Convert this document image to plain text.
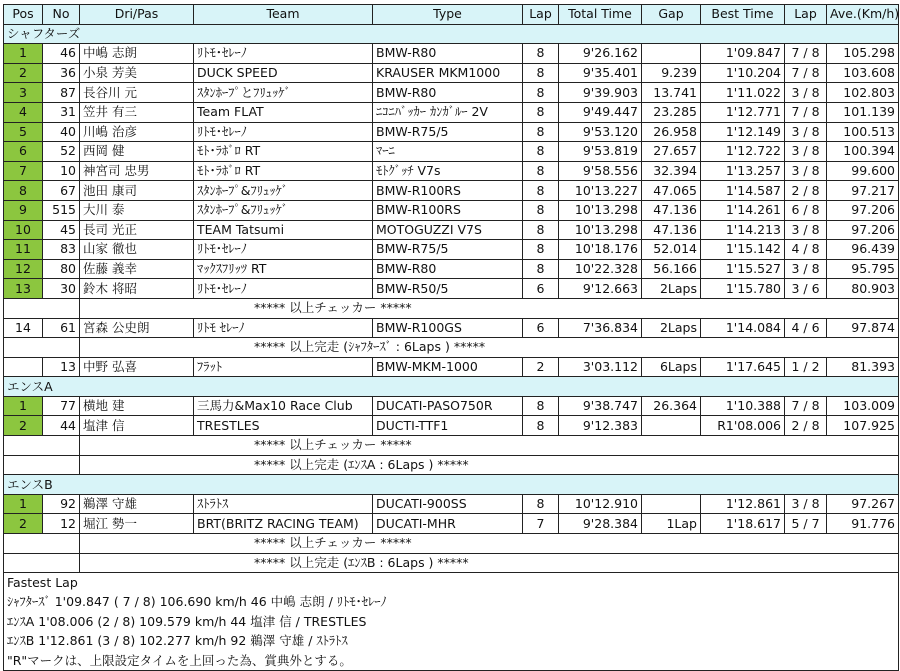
Pos	No	Dri/Pas	Team	Type	Lap	Total Time	Gap	Best Time	Lap	Ave.(Km/h)
シャフターズ										
1	46	中嶋 志朗	ﾘﾄﾓ･ｾﾚｰﾉ	BMW-R80	8	9'26.162		1'09.847	7 / 8	105.298
2	36	小泉 芳美	DUCK SPEED	KRAUSER MKM1000	8	9'35.401	9.239	1'10.204	7 / 8	103.608
3	87	長谷川 元	ｽﾀﾝﾎｰﾌﾟとﾌﾘｭｯｹﾞ	BMW-R80	8	9'39.903	13.741	1'11.022	3 / 8	102.803
4	31	笠井 有三	Team FLAT	ﾆｺﾆﾊﾞｯｶｰ ｶﾝｶﾞﾙｰ 2V	8	9'49.447	23.285	1'12.771	7 / 8	101.139
5	40	川嶋 治彦	ﾘﾄﾓ･ｾﾚｰﾉ	BMW-R75/5	8	9'53.120	26.958	1'12.149	3 / 8	100.513
6	52	西岡 健	ﾓﾄ･ﾗﾎﾞﾛ RT	ﾏｰﾆ	8	9'53.819	27.657	1'12.722	3 / 8	100.394
7	10	神宮司 忠男	ﾓﾄ･ﾗﾎﾞﾛ RT	ﾓﾄｸﾞｯﾁ V7s	8	9'58.556	32.394	1'13.257	3 / 8	99.600
8	67	池田 康司	ｽﾀﾝﾎｰﾌﾟ&ﾌﾘｭｯｹﾞ	BMW-R100RS	8	10'13.227	47.065	1'14.587	2 / 8	97.217
9	515	大川 泰	ｽﾀﾝﾎｰﾌﾟ&ﾌﾘｭｯｹﾞ	BMW-R100RS	8	10'13.298	47.136	1'14.261	6 / 8	97.206
10	45	長司 光正	TEAM Tatsumi	MOTOGUZZI V7S	8	10'13.298	47.136	1'14.213	3 / 8	97.206
11	83	山家 徹也	ﾘﾄﾓ･ｾﾚｰﾉ	BMW-R75/5	8	10'18.176	52.014	1'15.142	4 / 8	96.439
12	80	佐藤 義幸	ﾏｯｸｽﾌﾘｯﾂ RT	BMW-R80	8	10'22.328	56.166	1'15.527	3 / 8	95.795
13	30	鈴木 将昭	ﾘﾄﾓ･ｾﾚｰﾉ	BMW-R50/5	6	9'12.663	2Laps	1'15.780	3 / 6	80.903
		***** 以上チェッカー *****								
14	61	宮森 公史朗	ﾘﾄﾓ ｾﾚｰﾉ	BMW-R100GS	6	7'36.834	2Laps	1'14.084	4 / 6	97.874
		***** 以上完走 (ｼｬﾌﾀｰｽﾞ : 6Laps ) *****								
	13	中野 弘喜	ﾌﾗｯﾄ	BMW-MKM-1000	2	3'03.112	6Laps	1'17.645	1 / 2	81.393
エンスA										
1	77	横地 建	三馬力&Max10 Race Club	DUCATI-PASO750R	8	9'38.747	26.364	1'10.388	7 / 8	103.009
2	44	塩津 信	TRESTLES	DUCTI-TTF1	8	9'12.383		R1'08.006	2 / 8	107.925
		***** 以上チェッカー *****								
		***** 以上完走 (ｴﾝｽA : 6Laps ) *****								
エンスB										
1	92	鵜澤 守雄	ｽﾄﾗﾄｽ	DUCATI-900SS	8	10'12.910		1'12.861	3 / 8	97.267
2	12	堀江 勢一	BRT(BRITZ RACING TEAM)	DUCATI-MHR	7	9'28.384	1Lap	1'18.617	5 / 7	91.776
		***** 以上チェッカー *****								
		***** 以上完走 (ｴﾝｽB : 6Laps ) *****								
Fastest Lap										
ｼｬﾌﾀｰｽﾞ 1'09.847 ( 7 / 8) 106.690 km/h 46 中嶋 志朗 / ﾘﾄﾓ･ｾﾚｰﾉ										
ｴﾝｽA 1'08.006 (2 / 8) 109.579 km/h 44 塩津 信 / TRESTLES										
ｴﾝｽB 1'12.861 (3 / 8) 102.277 km/h 92 鵜澤 守雄 / ｽﾄﾗﾄｽ										
"R"マークは、上限設定タイムを上回った為、賞典外とする。										
